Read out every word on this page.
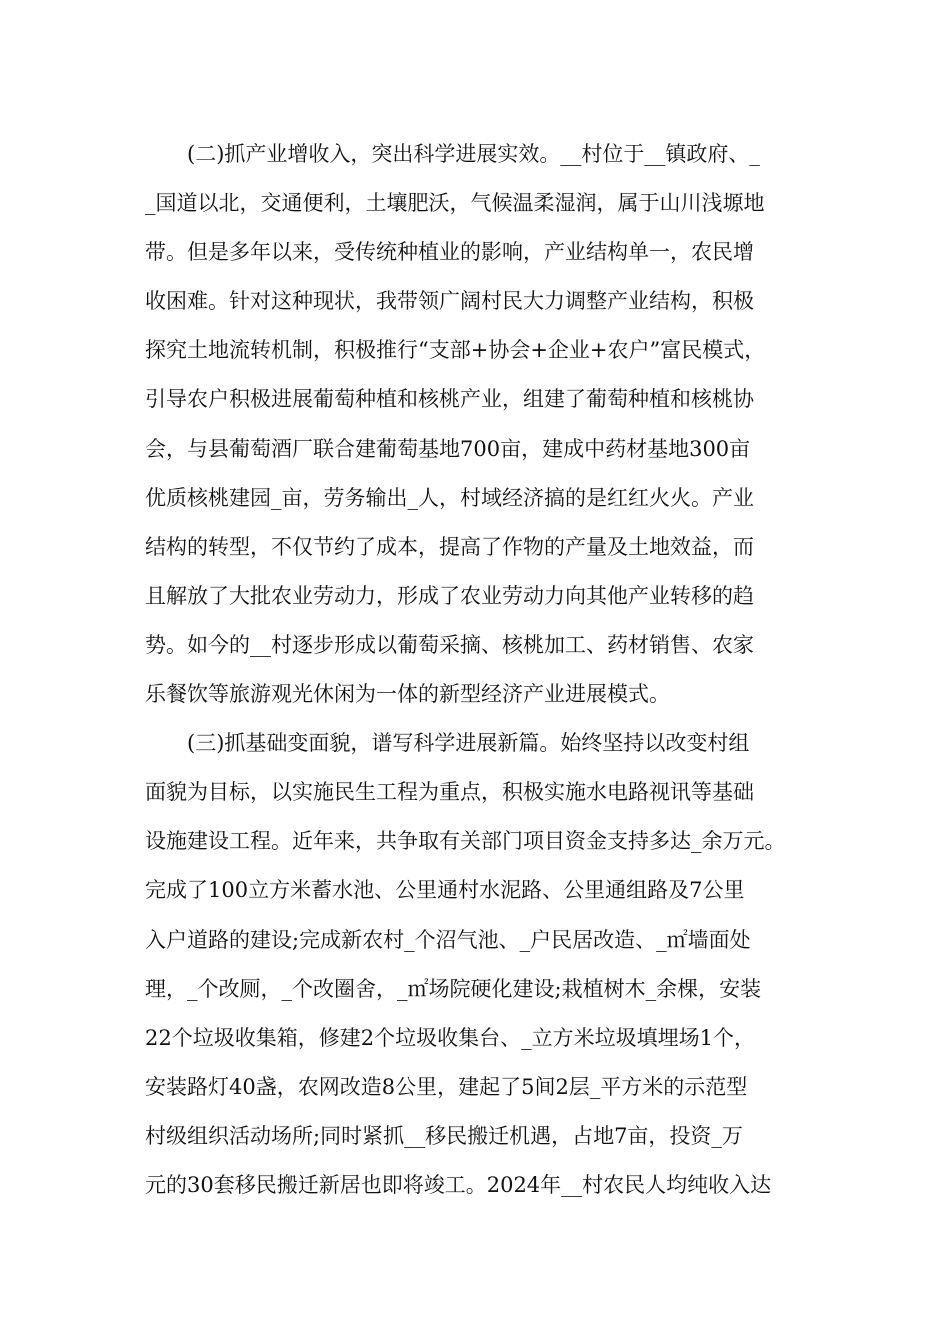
(二)抓产业增收入，突出科学进展实效。__村位于__镇政府、_
_国道以北，交通便利，土壤肥沃，气候温柔湿润，属于山川浅塬地
带。但是多年以来，受传统种植业的影响，产业结构单一，农民增
收困难。针对这种现状，我带领广阔村民大力调整产业结构，积极
探究土地流转机制，积极推行“支部+协会+企业+农户”富民模式，
引导农户积极进展葡萄种植和核桃产业，组建了葡萄种植和核桃协
会，与县葡萄酒厂联合建葡萄基地700亩，建成中药材基地300亩
优质核桃建园_亩，劳务输出_人，村域经济搞的是红红火火。产业
结构的转型，不仅节约了成本，提高了作物的产量及土地效益，而
且解放了大批农业劳动力，形成了农业劳动力向其他产业转移的趋
势。如今的__村逐步形成以葡萄采摘、核桃加工、药材销售、农家
乐餐饮等旅游观光休闲为一体的新型经济产业进展模式。
(三)抓基础变面貌，谱写科学进展新篇。始终坚持以改变村组
面貌为目标，以实施民生工程为重点，积极实施水电路视讯等基础
设施建设工程。近年来，共争取有关部门项目资金支持多达_余万元。
完成了100立方米蓄水池、公里通村水泥路、公里通组路及7公里
入户道路的建设;完成新农村_个沼气池、_户民居改造、_㎡墙面处
理，_个改厕，_个改圈舍，_㎡场院硬化建设;栽植树木_余棵，安装
22个垃圾收集箱，修建2个垃圾收集台、_立方米垃圾填埋场1个，
安装路灯40盏，农网改造8公里，建起了5间2层_平方米的示范型
村级组织活动场所;同时紧抓__移民搬迁机遇，占地7亩，投资_万
元的30套移民搬迁新居也即将竣工。2024年__村农民人均纯收入达
